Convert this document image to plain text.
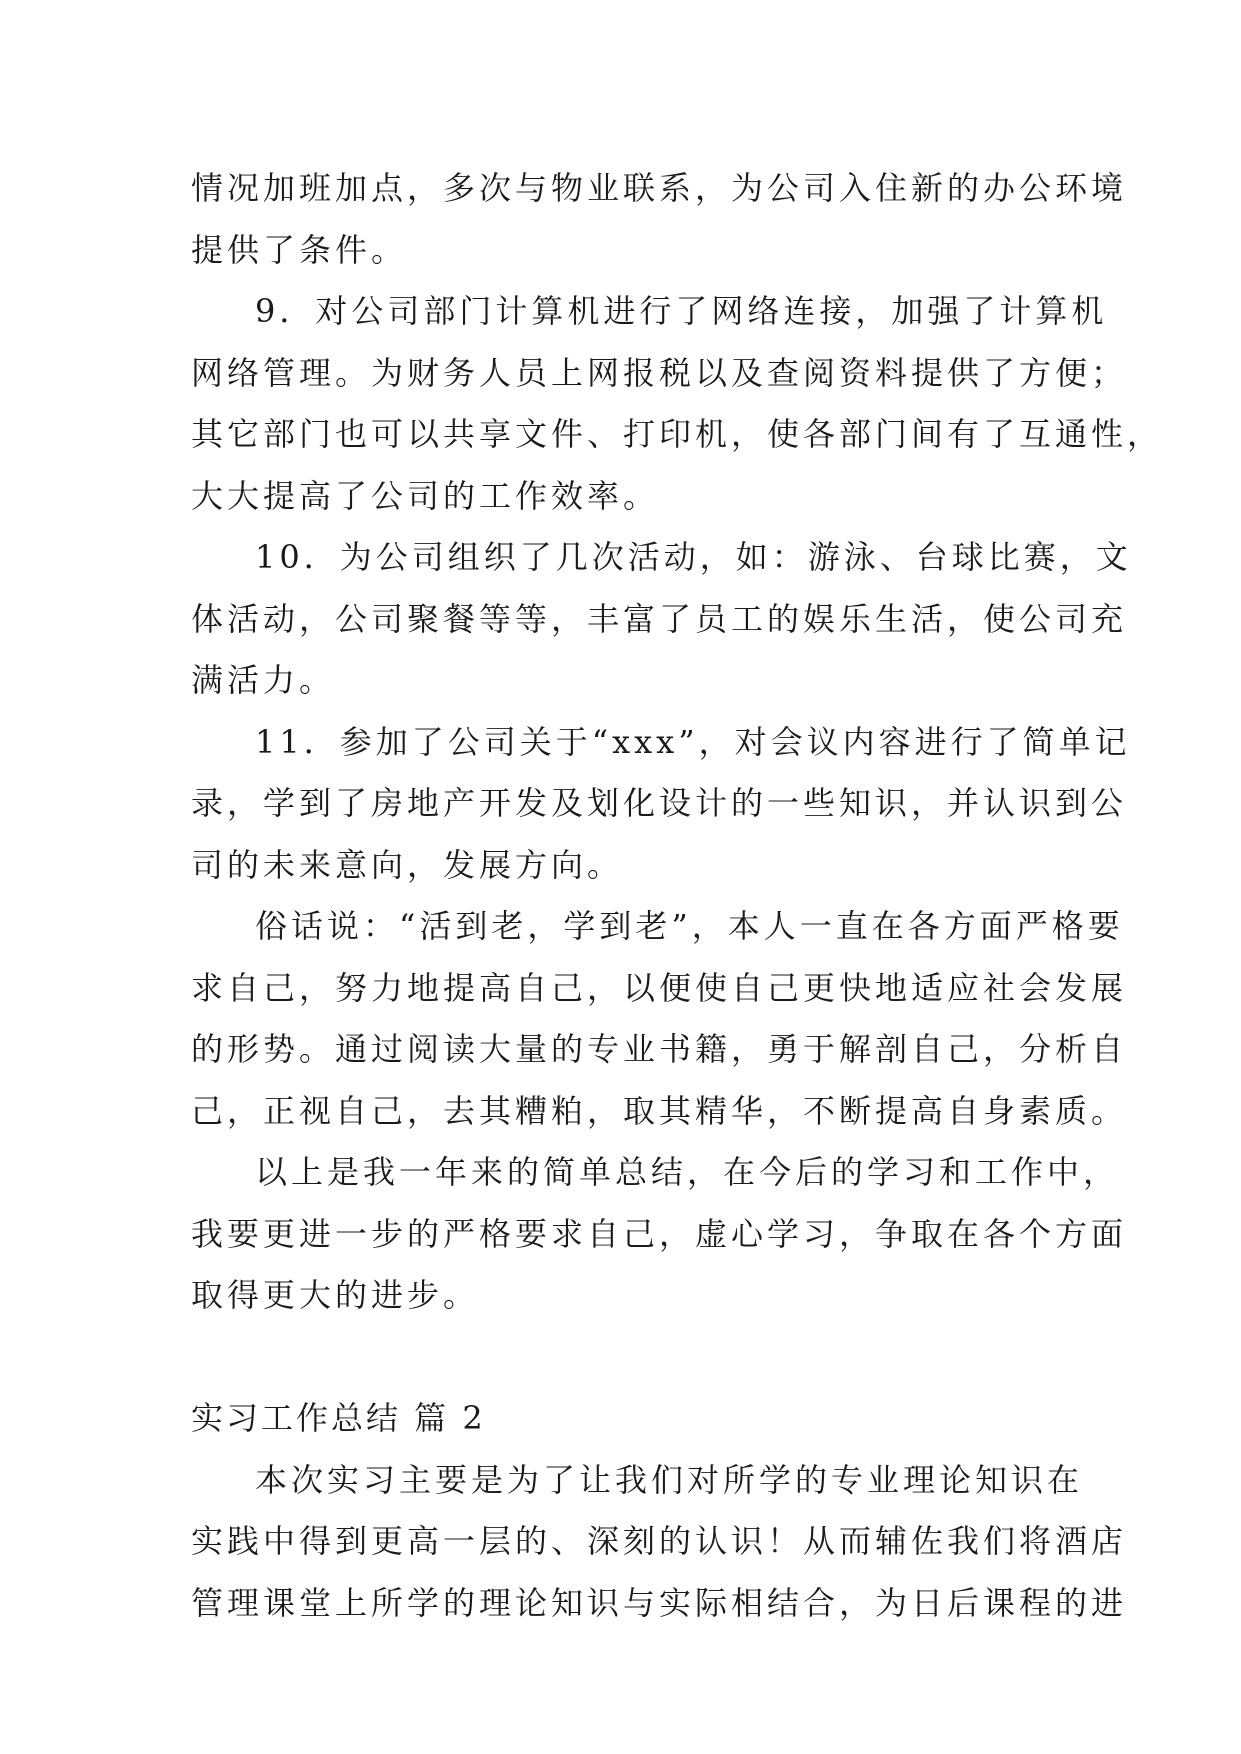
情况加班加点，多次与物业联系，为公司入住新的办公环境
提供了条件。
9．对公司部门计算机进行了网络连接，加强了计算机
网络管理。为财务人员上网报税以及查阅资料提供了方便；
其它部门也可以共享文件、打印机，使各部门间有了互通性，
大大提高了公司的工作效率。
10．为公司组织了几次活动，如：游泳、台球比赛，文
体活动，公司聚餐等等，丰富了员工的娱乐生活，使公司充
满活力。
11．参加了公司关于“xxx”，对会议内容进行了简单记
录，学到了房地产开发及划化设计的一些知识，并认识到公
司的未来意向，发展方向。
俗话说：“活到老，学到老”，本人一直在各方面严格要
求自己，努力地提高自己，以便使自己更快地适应社会发展
的形势。通过阅读大量的专业书籍，勇于解剖自己，分析自
己，正视自己，去其糟粕，取其精华，不断提高自身素质。
以上是我一年来的简单总结，在今后的学习和工作中，
我要更进一步的严格要求自己，虚心学习，争取在各个方面
取得更大的进步。
实习工作总结 篇 2
本次实习主要是为了让我们对所学的专业理论知识在
实践中得到更高一层的、深刻的认识！从而辅佐我们将酒店
管理课堂上所学的理论知识与实际相结合，为日后课程的进
